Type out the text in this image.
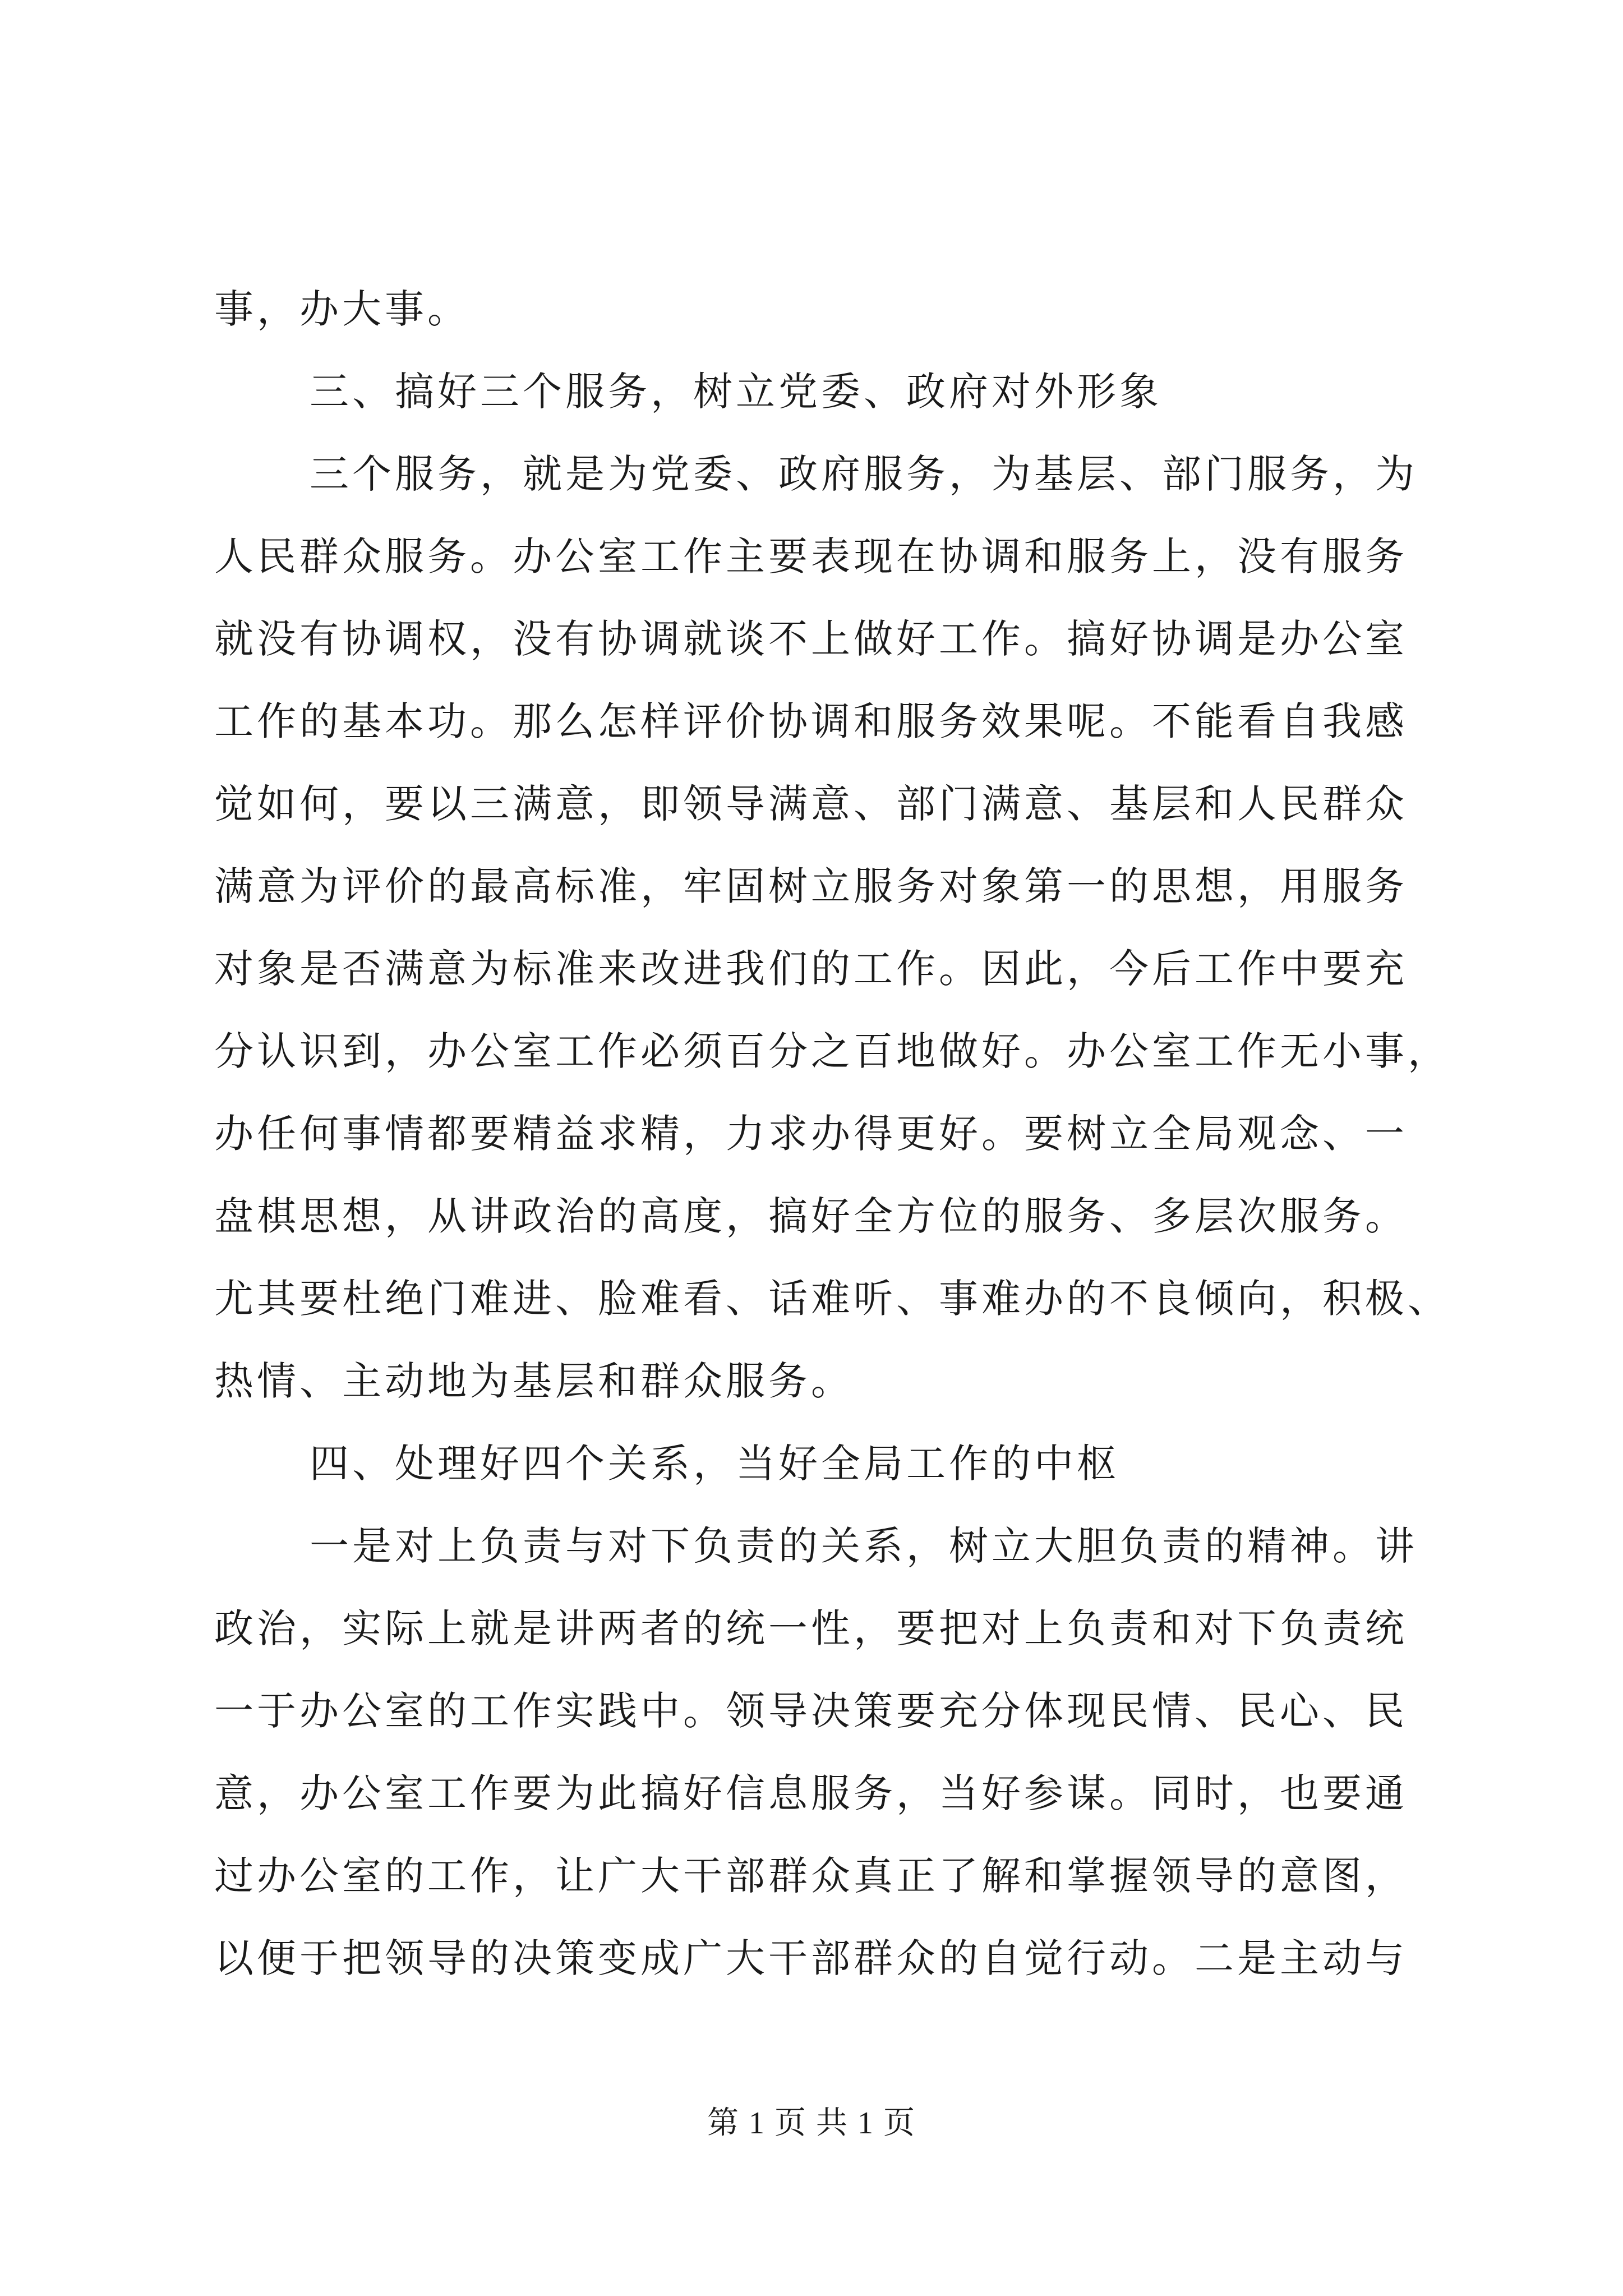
事，办大事。
三、搞好三个服务，树立党委、政府对外形象
三个服务，就是为党委、政府服务，为基层、部门服务，为
人民群众服务。办公室工作主要表现在协调和服务上，没有服务
就没有协调权，没有协调就谈不上做好工作。搞好协调是办公室
工作的基本功。那么怎样评价协调和服务效果呢。不能看自我感
觉如何，要以三满意，即领导满意、部门满意、基层和人民群众
满意为评价的最高标准，牢固树立服务对象第一的思想，用服务
对象是否满意为标准来改进我们的工作。因此，今后工作中要充
分认识到，办公室工作必须百分之百地做好。办公室工作无小事，
办任何事情都要精益求精，力求办得更好。要树立全局观念、一
盘棋思想，从讲政治的高度，搞好全方位的服务、多层次服务。
尤其要杜绝门难进、脸难看、话难听、事难办的不良倾向，积极、
热情、主动地为基层和群众服务。
四、处理好四个关系，当好全局工作的中枢
一是对上负责与对下负责的关系，树立大胆负责的精神。讲
政治，实际上就是讲两者的统一性，要把对上负责和对下负责统
一于办公室的工作实践中。领导决策要充分体现民情、民心、民
意，办公室工作要为此搞好信息服务，当好参谋。同时，也要通
过办公室的工作，让广大干部群众真正了解和掌握领导的意图，
以便于把领导的决策变成广大干部群众的自觉行动。二是主动与
第 1 页 共 1 页
